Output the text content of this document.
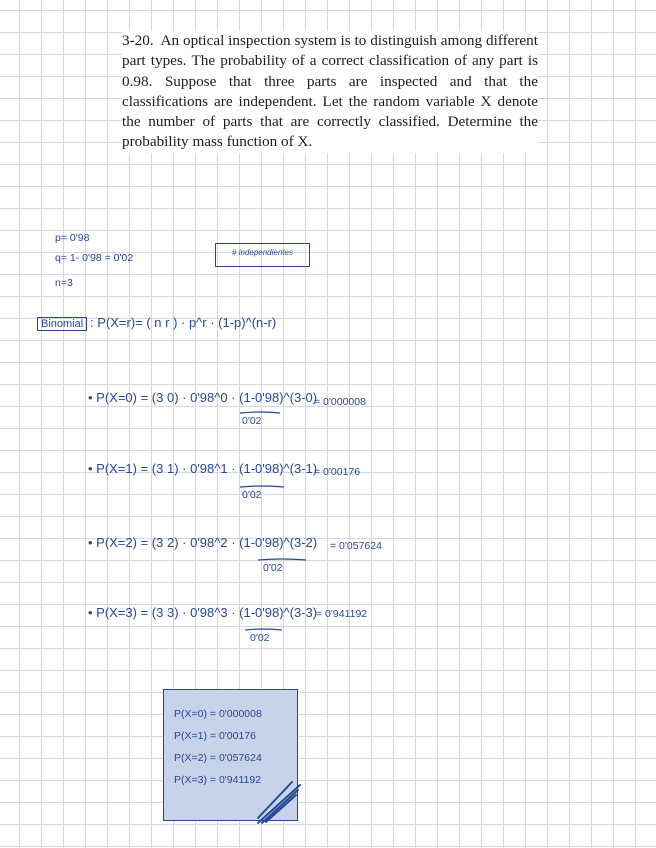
3-20. An optical inspection system is to distinguish among different part types. The probability of a correct classification of any part is 0.98. Suppose that three parts are inspected and that the classifications are independent. Let the random variable X denote the number of parts that are correctly classified. Determine the probability mass function of X.
p= 0'98
q= 1- 0'98 = 0'02
n=3
# independientes
Binomial : P(X=r)= ( n r ) · p^r · (1-p)^(n-r)
• P(X=0) = (3 0) · 0'98^0 · (1-0'98)^(3-0)
0'02
= 0'000008
• P(X=1) = (3 1) · 0'98^1 · (1-0'98)^(3-1)
0'02
= 0'00176
• P(X=2) = (3 2) · 0'98^2 · (1-0'98)^(3-2)
0'02
= 0'057624
• P(X=3) = (3 3) · 0'98^3 · (1-0'98)^(3-3)
0'02
= 0'941192
P(X=0) = 0'000008
P(X=1) = 0'00176
P(X=2) = 0'057624
P(X=3) = 0'941192
